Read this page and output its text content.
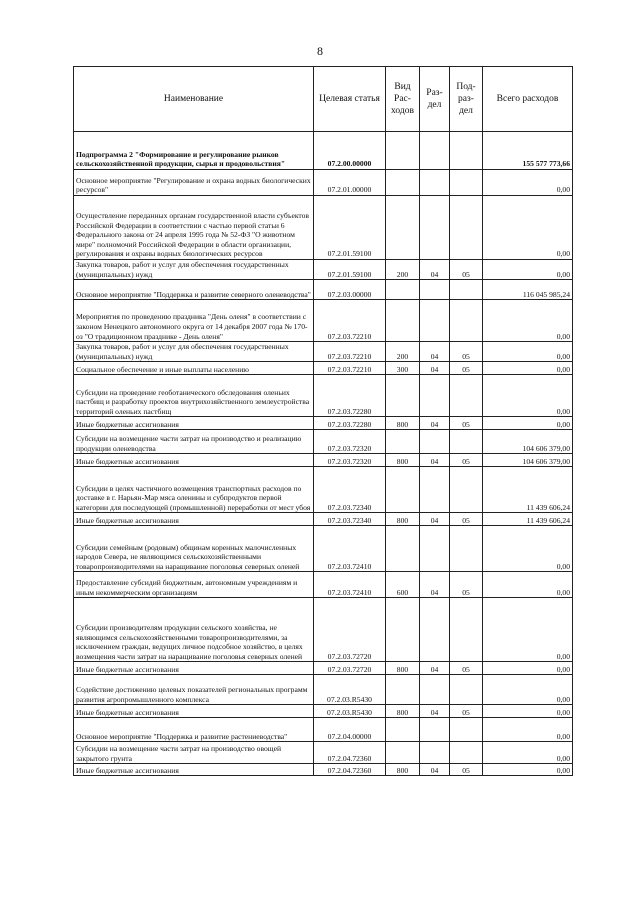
8
Наименование	Целевая статья	Вид Рас- ходов	Раз- дел	Под- раз- дел	Всего расходов
Подпрограмма 2 "Формирование и регулирование рынков сельскохозяйственной продукции, сырья и продовольствия"	07.2.00.00000				155 577 773,66
Основное мероприятие "Регулирование и охрана водных биологических ресурсов"	07.2.01.00000				0,00
Осуществление переданных органам государственной власти субъектов Российской Федерации в соответствии с частью первой статьи 6 Федерального закона от 24 апреля 1995 года № 52-ФЗ "О животном мире" полномочий Российской Федерации в области организации, регулирования и охраны водных биологических ресурсов	07.2.01.59100				0,00
Закупка товаров, работ и услуг для обеспечения государственных (муниципальных) нужд	07.2.01.59100	200	04	05	0,00
Основное мероприятие "Поддержка и развитие северного оленеводства"	07.2.03.00000				116 045 985,24
Мероприятия по проведению праздника "День оленя" в соответствии с законом Ненецкого автономного округа от 14 декабря 2007 года № 170-оз "О традиционном празднике - День оленя"	07.2.03.72210				0,00
Закупка товаров, работ и услуг для обеспечения государственных (муниципальных) нужд	07.2.03.72210	200	04	05	0,00
Социальное обеспечение и иные выплаты населению	07.2.03.72210	300	04	05	0,00
Субсидии на проведение геоботанического обследования оленьих пастбищ и разработку проектов внутрихозяйственного землеустройства территорий оленьих пастбищ	07.2.03.72280				0,00
Иные бюджетные ассигнования	07.2.03.72280	800	04	05	0,00
Субсидии на возмещение части затрат на производство и реализацию продукции оленеводства	07.2.03.72320				104 606 379,00
Иные бюджетные ассигнования	07.2.03.72320	800	04	05	104 606 379,00
Субсидии в целях частичного возмещения транспортных расходов по доставке в г. Нарьян-Мар мяса оленины и субпродуктов первой категории для последующей (промышленной) переработки от мест убоя	07.2.03.72340				11 439 606,24
Иные бюджетные ассигнования	07.2.03.72340	800	04	05	11 439 606,24
Субсидии семейным (родовым) общинам коренных малочисленных народов Севера, не являющимся сельскохозяйственными товаропроизводителями на наращивание поголовья северных оленей	07.2.03.72410				0,00
Предоставление субсидий бюджетным, автономным учреждениям и иным некоммерческим организациям	07.2.03.72410	600	04	05	0,00
Субсидии производителям продукции сельского хозяйства, не являющимся сельскохозяйственными товаропроизводителями, за исключением граждан, ведущих личное подсобное хозяйство, в целях возмещения части затрат на наращивание поголовья северных оленей	07.2.03.72720				0,00
Иные бюджетные ассигнования	07.2.03.72720	800	04	05	0,00
Содействие достижению целевых показателей региональных программ развития агропромышленного комплекса	07.2.03.R5430				0,00
Иные бюджетные ассигнования	07.2.03.R5430	800	04	05	0,00
Основное мероприятие "Поддержка и развитие растениеводства"	07.2.04.00000				0,00
Субсидии на возмещение части затрат на производство овощей закрытого грунта	07.2.04.72360				0,00
Иные бюджетные ассигнования	07.2.04.72360	800	04	05	0,00
